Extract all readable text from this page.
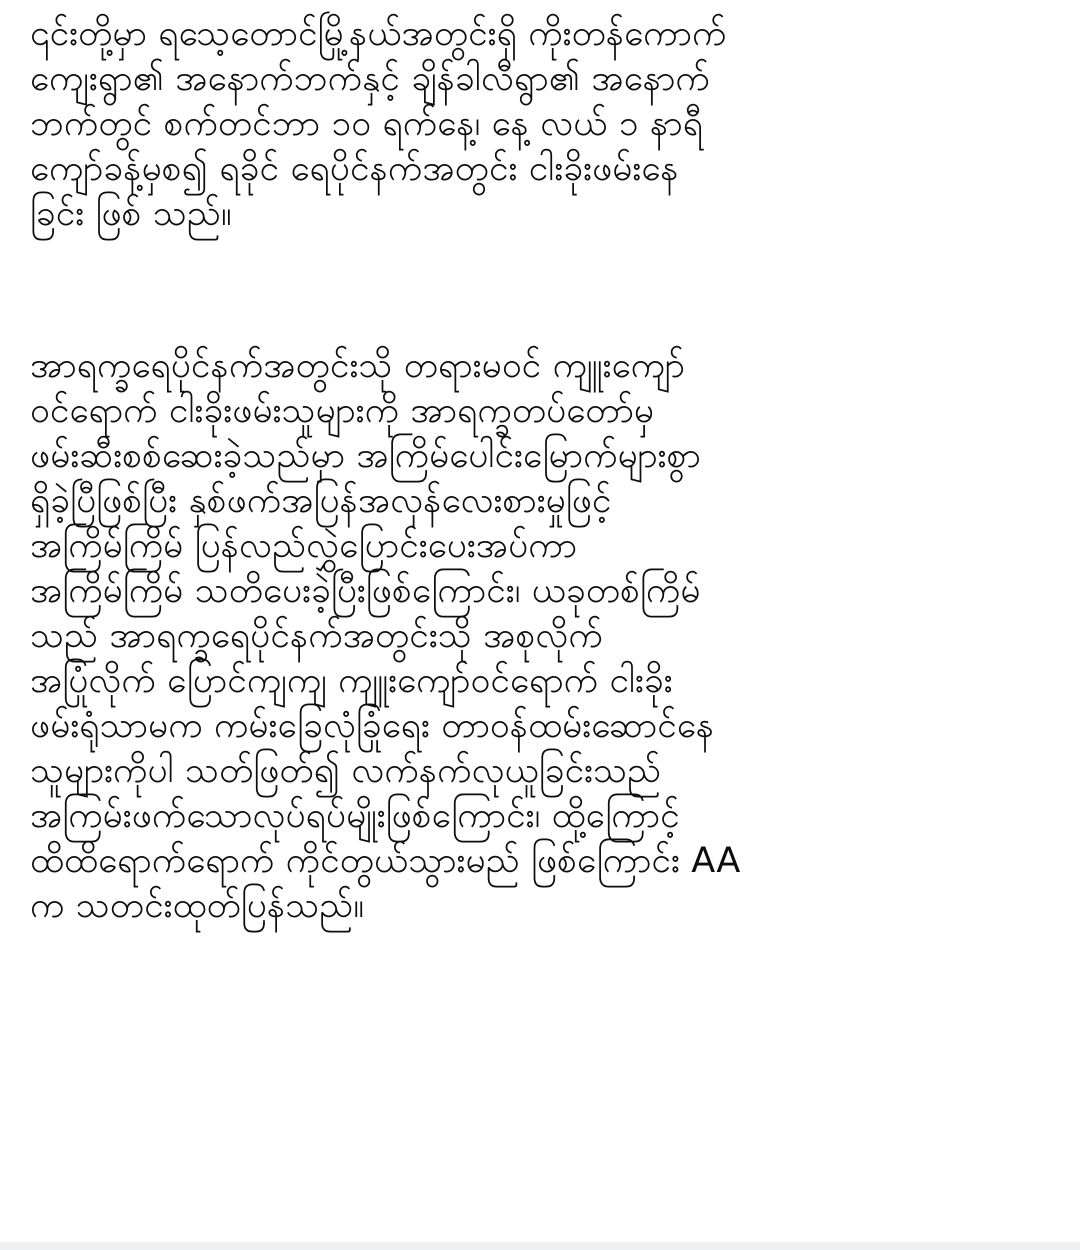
၎င်းတို့မှာ ရသေ့တောင်မြို့နယ်အတွင်းရှိ ကိုးတန်ကောက်
ကျေးရွာ၏ အနောက်ဘက်နှင့် ချိန်ခါလီရွာ၏ အနောက်
ဘက်တွင် စက်တင်ဘာ ၁၀ ရက်နေ့၊ နေ့ လယ် ၁ နာရီ
ကျော်ခန့်မှစ၍ ရခိုင် ရေပိုင်နက်အတွင်း ငါးခိုးဖမ်းနေ
ခြင်း ဖြစ် သည်။

အာရက္ခရေပိုင်နက်အတွင်းသို တရားမဝင် ကျူးကျော်
ဝင်ရောက် ငါးခိုးဖမ်းသူများကို အာရက္ခတပ်တော်မှ
ဖမ်းဆီးစစ်ဆေးခဲ့သည်မှာ အကြိမ်ပေါင်းမြောက်များစွာ
ရှိခဲ့ပြီဖြစ်ပြီး နှစ်ဖက်အပြန်အလှန်လေးစားမှုဖြင့်
အကြိမ်ကြိမ် ပြန်လည်လွှဲပြောင်းပေးအပ်ကာ
အကြိမ်ကြိမ် သတိပေးခဲ့ပြီးဖြစ်ကြောင်း၊ ယခုတစ်ကြိမ်
သည် အာရက္ခရေပိုင်နက်အတွင်းသို အစုလိုက်
အပြုံလိုက် ပြောင်ကျကျ ကျူးကျော်ဝင်ရောက် ငါးခိုး
ဖမ်းရုံသာမက ကမ်းခြေလုံခြုံရေး တာဝန်ထမ်းဆောင်နေ
သူများကိုပါ သတ်ဖြတ်၍ လက်နက်လုယူခြင်းသည်
အကြမ်းဖက်သောလုပ်ရပ်မျိုးဖြစ်ကြောင်း၊ ထို့ကြောင့်
ထိထိရောက်ရောက် ကိုင်တွယ်သွားမည် ဖြစ်ကြောင်း AA
က သတင်းထုတ်ပြန်သည်။
